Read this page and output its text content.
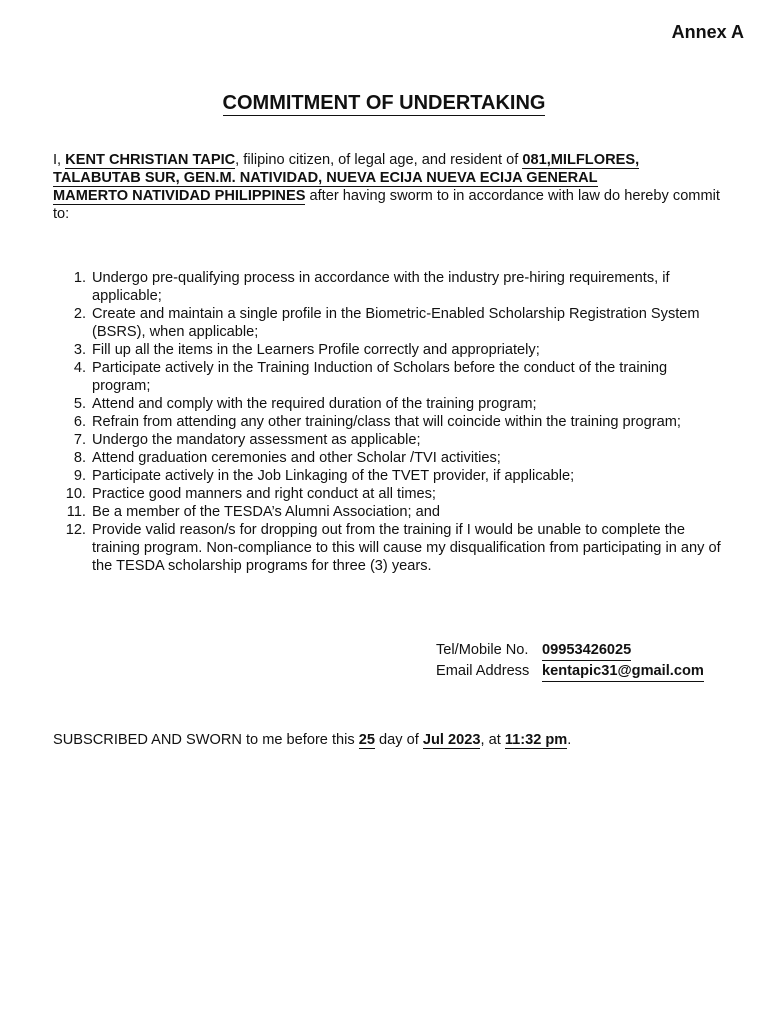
Annex A
COMMITMENT OF UNDERTAKING
I, KENT CHRISTIAN TAPIC, filipino citizen, of legal age, and resident of 081,MILFLORES,
TALABUTAB SUR, GEN.M. NATIVIDAD, NUEVA ECIJA NUEVA ECIJA GENERAL
MAMERTO NATIVIDAD PHILIPPINES after having sworm to in accordance with law do hereby commit to:
1. Undergo pre-qualifying process in accordance with the industry pre-hiring requirements, if applicable;
2. Create and maintain a single profile in the Biometric-Enabled Scholarship Registration System (BSRS), when applicable;
3. Fill up all the items in the Learners Profile correctly and appropriately;
4. Participate actively in the Training Induction of Scholars before the conduct of the training program;
5. Attend and comply with the required duration of the training program;
6. Refrain from attending any other training/class that will coincide within the training program;
7. Undergo the mandatory assessment as applicable;
8. Attend graduation ceremonies and other Scholar /TVI activities;
9. Participate actively in the Job Linkaging of the TVET provider, if applicable;
10. Practice good manners and right conduct at all times;
11. Be a member of the TESDA’s Alumni Association; and
12. Provide valid reason/s for dropping out from the training if I would be unable to complete the training program. Non-compliance to this will cause my disqualification from participating in any of the TESDA scholarship programs for three (3) years.
Tel/Mobile No. 09953426025
Email Address kentapic31@gmail.com
SUBSCRIBED AND SWORN to me before this 25 day of Jul 2023, at 11:32 pm.
